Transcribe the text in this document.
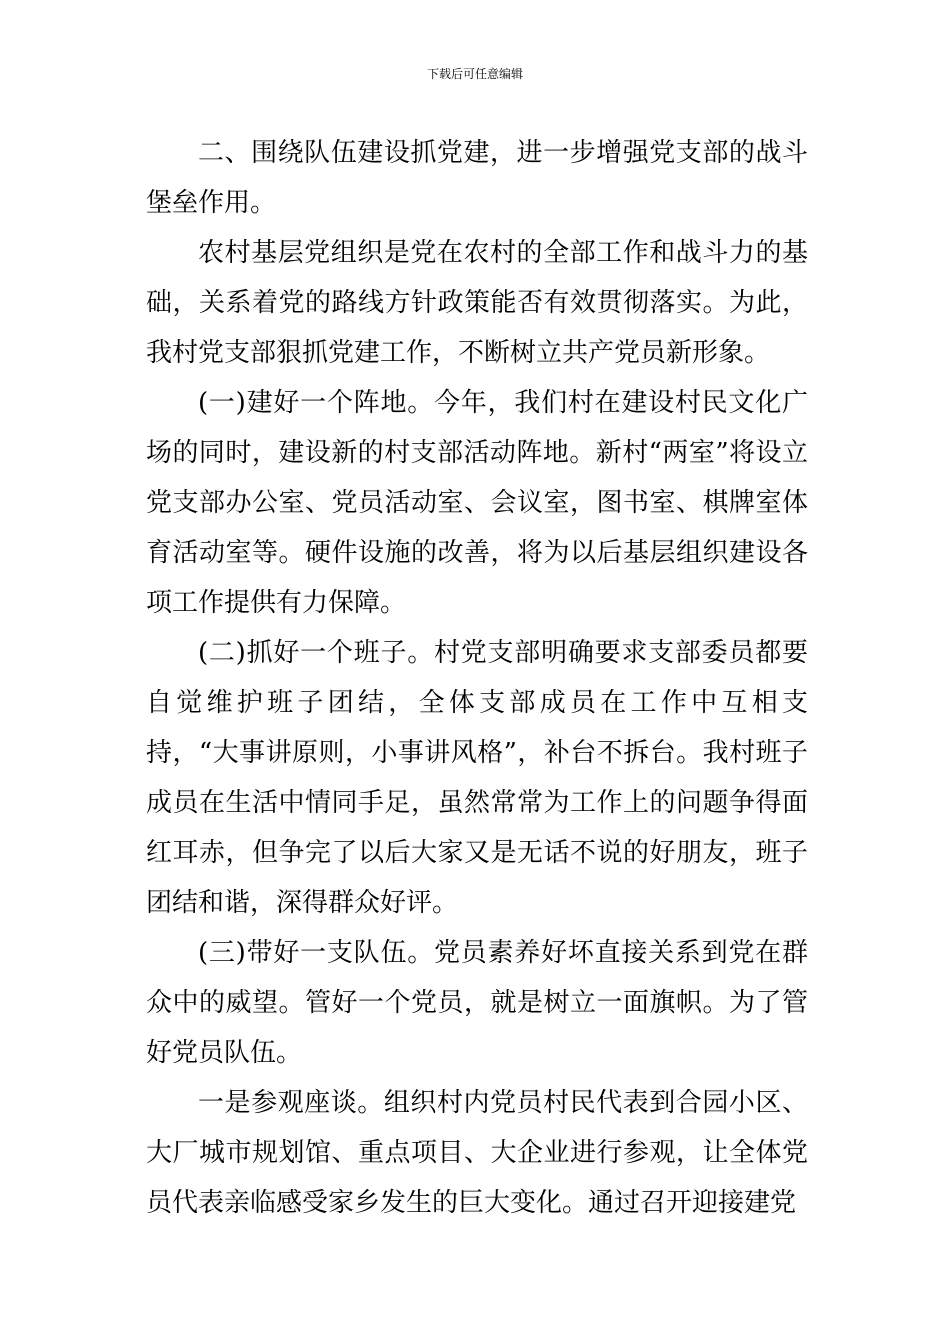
下载后可任意编辑

二、围绕队伍建设抓党建，进一步增强党支部的战斗堡垒作用。

农村基层党组织是党在农村的全部工作和战斗力的基础，关系着党的路线方针政策能否有效贯彻落实。为此，我村党支部狠抓党建工作，不断树立共产党员新形象。

(一)建好一个阵地。今年，我们村在建设村民文化广场的同时，建设新的村支部活动阵地。新村“两室”将设立党支部办公室、党员活动室、会议室，图书室、棋牌室体育活动室等。硬件设施的改善，将为以后基层组织建设各项工作提供有力保障。

(二)抓好一个班子。村党支部明确要求支部委员都要自觉维护班子团结，全体支部成员在工作中互相支持，“大事讲原则，小事讲风格”，补台不拆台。我村班子成员在生活中情同手足，虽然常常为工作上的问题争得面红耳赤，但争完了以后大家又是无话不说的好朋友，班子团结和谐，深得群众好评。

(三)带好一支队伍。党员素养好坏直接关系到党在群众中的威望。管好一个党员，就是树立一面旗帜。为了管好党员队伍。

一是参观座谈。组织村内党员村民代表到合园小区、大厂城市规划馆、重点项目、大企业进行参观，让全体党员代表亲临感受家乡发生的巨大变化。通过召开迎接建党
